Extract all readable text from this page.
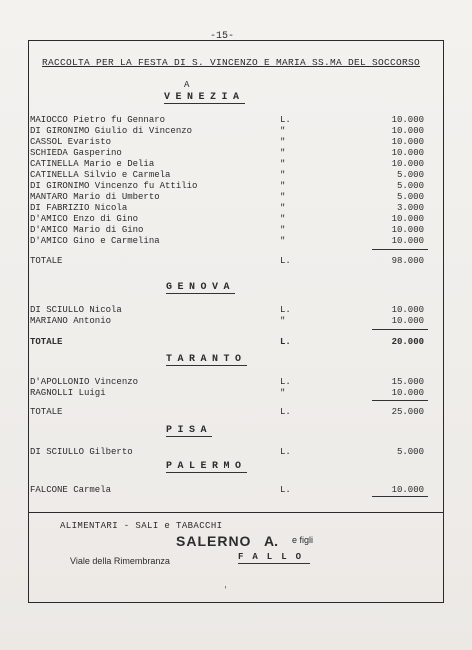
-15-
RACCOLTA PER LA FESTA DI S. VINCENZO E MARIA SS.MA DEL SOCCORSO
A
VENEZIA
MAIOCCO Pietro fu Gennaro	L.	10.000
DI GIRONIMO Giulio di Vincenzo	"	10.000
CASSOL Evaristo	"	10.000
SCHIEDA Gasperino	"	10.000
CATINELLA Mario e Delia	"	10.000
CATINELLA Silvio e Carmela	"	5.000
DI GIRONIMO Vincenzo fu Attilio	"	5.000
MANTARO Mario di Umberto	"	5.000
DI FABRIZIO Nicola	"	3.000
D'AMICO Enzo di Gino	"	10.000
D'AMICO Mario di Gino	"	10.000
D'AMICO Gino e Carmelina	"	10.000
TOTALE	L.	98.000
GENOVA
DI SCIULLO Nicola	L.	10.000
MARIANO Antonio	"	10.000
TOTALE	L.	20.000
TARANTO
D'APOLLONIO Vincenzo	L.	15.000
RAGNOLLI Luigi	"	10.000
TOTALE	L.	25.000
PISA
DI SCIULLO Gilberto	L.	5.000
PALERMO
FALCONE Carmela	L.	10.000
ALIMENTARI - SALI e TABACCHI
SALERNO A. e figli
Viale della Rimembranza	FALLO
'
